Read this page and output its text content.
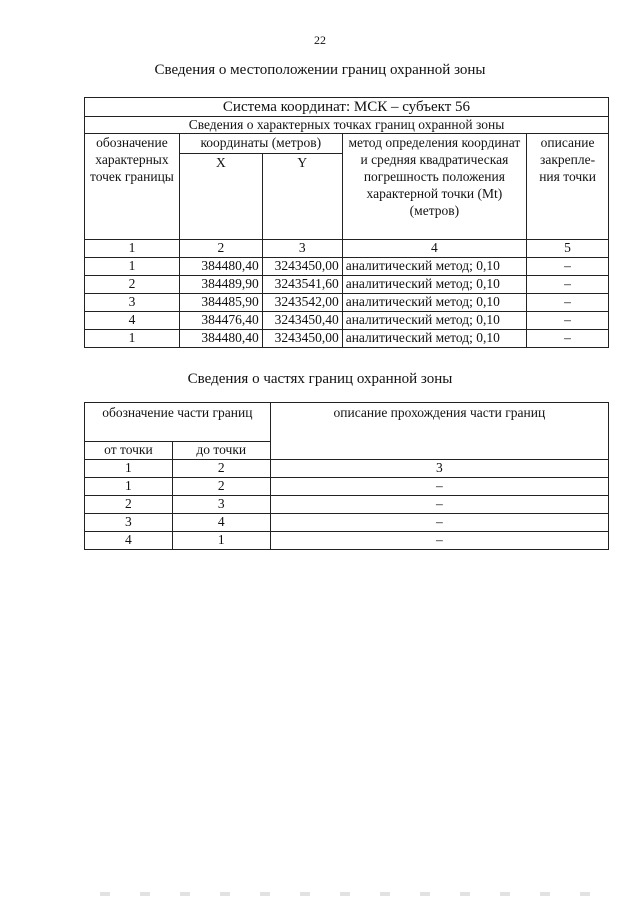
22
Сведения о местоположении границ охранной зоны
Система координат: МСК – субъект 56				
Сведения о характерных точках границ охранной зоны				
обозначение характерных точек границы	координаты (метров)		метод определения координат и средняя квадратическая погрешность положения характерной точки (Mt) (метров)	описание закрепле-ния точки
	X	Y		
1	2	3	4	5
1	384480,40	3243450,00	аналитический метод; 0,10	–
2	384489,90	3243541,60	аналитический метод; 0,10	–
3	384485,90	3243542,00	аналитический метод; 0,10	–
4	384476,40	3243450,40	аналитический метод; 0,10	–
1	384480,40	3243450,00	аналитический метод; 0,10	–
Сведения о частях границ охранной зоны
обозначение части границ		описание прохождения части границ
от точки	до точки	
1	2	3
1	2	–
2	3	–
3	4	–
4	1	–
